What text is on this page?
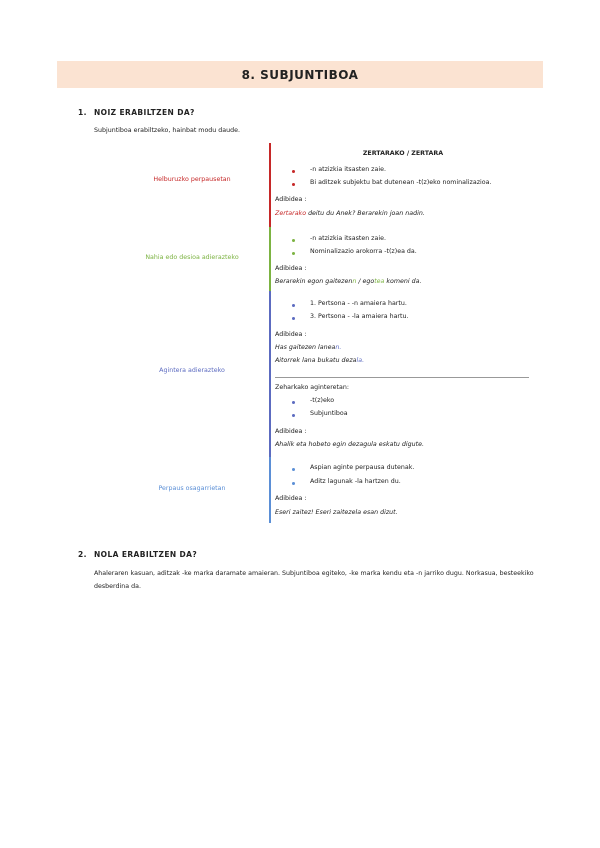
8. SUBJUNTIBOA
1. NOIZ ERABILTZEN DA?
Subjuntiboa erabiltzeko, hainbat modu daude.
ZERTARAKO / ZERTARA
Helburuzko perpausetan
-n atzizkia itsasten zaie.
Bi aditzek subjektu bat dutenean -t(z)eko nominalizazioa.
Adibidea :
Zertarako deitu du Anek? Berarekin joan nadin.
Nahia edo desioa adierazteko
-n atzizkia itsasten zaie.
Nominalizazio arokorra -t(z)ea da.
Adibidea :
Berarekin egon gaitezenn / egotea komeni da.
Agintera adierazteko
1. Pertsona - -n amaiera hartu.
3. Pertsona - -la amaiera hartu.
Adibidea :
Has gaitezen lanean.
Aitorrek lana bukatu dezala.
Zeharkako aginteretan:
-t(z)eko
Subjuntiboa
Adibidea :
Ahalik eta hobeto egin dezagula eskatu digute.
Perpaus osagarrietan
Aspian aginte perpausa dutenak.
Aditz lagunak -la hartzen du.
Adibidea :
Eseri zaitez! Eseri zaitezela esan dizut.
2. NOLA ERABILTZEN DA?
Ahaleraren kasuan, aditzak -ke marka daramate amaieran. Subjuntiboa egiteko, -ke marka kendu eta -n jarriko dugu. Norkasua, besteekiko desberdina da.
